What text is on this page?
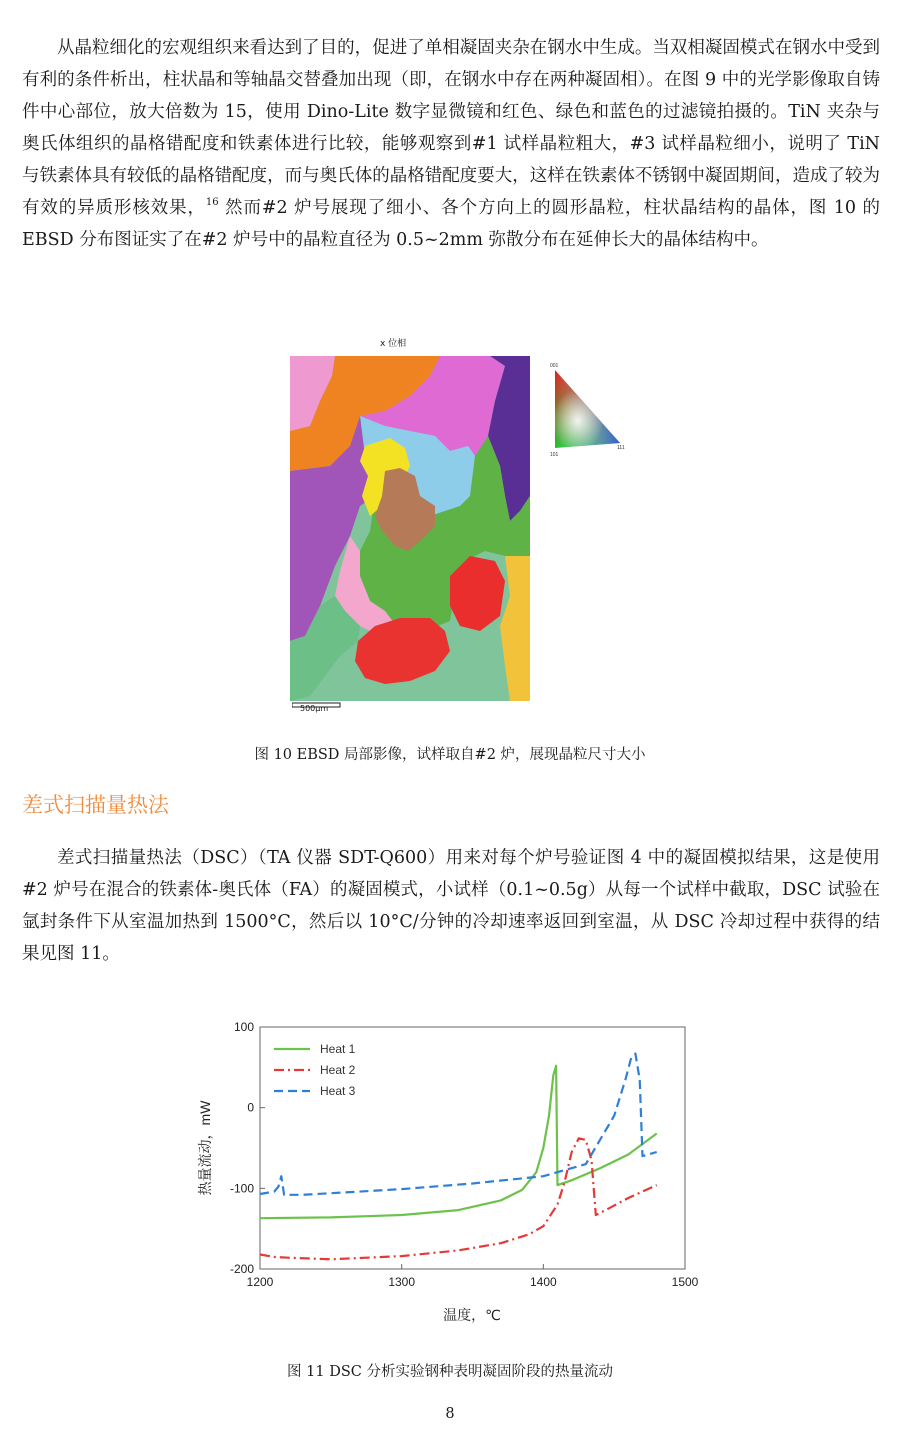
从晶粒细化的宏观组织来看达到了目的，促进了单相凝固夹杂在钢水中生成。当双相凝固模式在钢水中受到有利的条件析出，柱状晶和等轴晶交替叠加出现（即，在钢水中存在两种凝固相）。在图 9 中的光学影像取自铸件中心部位，放大倍数为 15，使用 Dino-Lite 数字显微镜和红色、绿色和蓝色的过滤镜拍摄的。TiN 夹杂与奥氏体组织的晶格错配度和铁素体进行比较，能够观察到#1 试样晶粒粗大，#3 试样晶粒细小，说明了 TiN 与铁素体具有较低的晶格错配度，而与奥氏体的晶格错配度要大，这样在铁素体不锈钢中凝固期间，造成了较为有效的异质形核效果，$^{16}$ 然而#2 炉号展现了细小、各个方向上的圆形晶粒，柱状晶结构的晶体，图 10 的 EBSD 分布图证实了在#2 炉号中的晶粒直径为 0.5~2mm 弥散分布在延伸长大的晶体结构中。

x 位相
500μm
001
101
111

图 10 EBSD 局部影像，试样取自#2 炉，展现晶粒尺寸大小

差式扫描量热法

差式扫描量热法（DSC）（TA 仪器 SDT-Q600）用来对每个炉号验证图 4 中的凝固模拟结果，这是使用#2 炉号在混合的铁素体-奥氏体（FA）的凝固模式，小试样（0.1~0.5g）从每一个试样中截取，DSC 试验在氩封条件下从室温加热到 1500°C，然后以 10°C/分钟的冷却速率返回到室温，从 DSC 冷却过程中获得的结果见图 11。

1200	1300	1400	1500
-200
-100
0
100
Heat 1
Heat 2
Heat 3
温度，℃
热量流动，mW

图 11 DSC 分析实验钢种表明凝固阶段的热量流动

8
